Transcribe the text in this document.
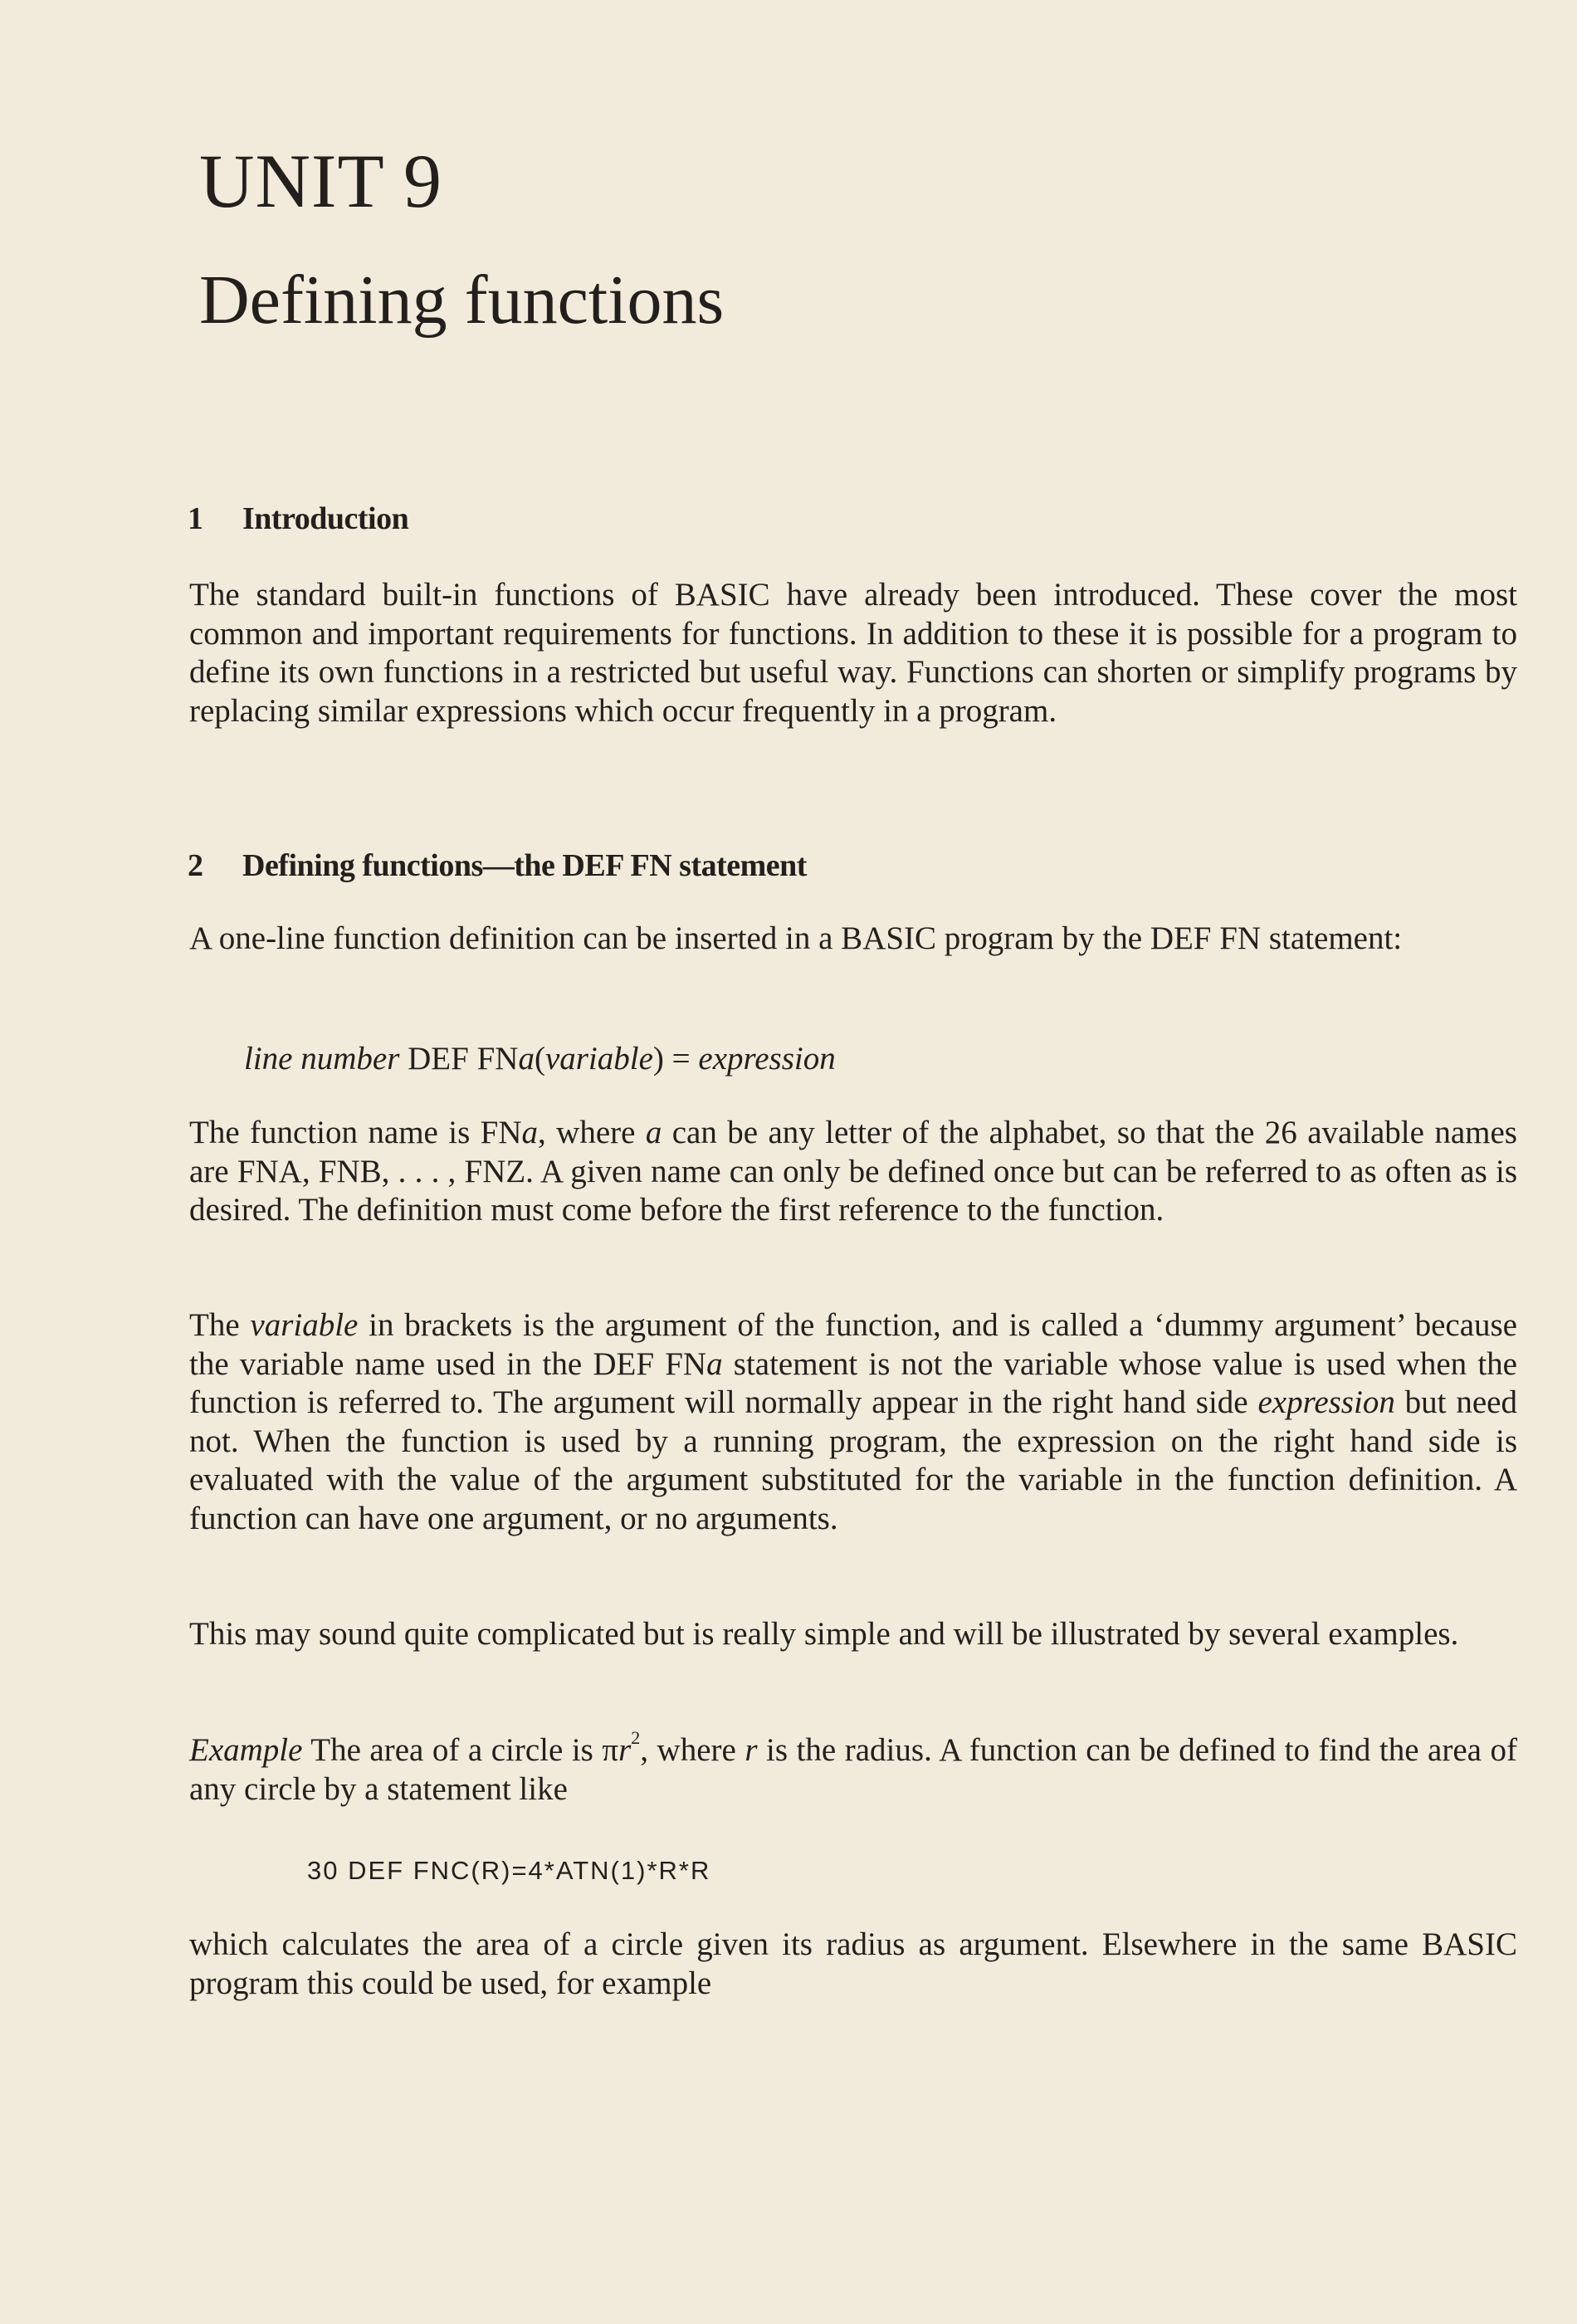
UNIT 9
Defining functions
1 Introduction

The standard built-in functions of BASIC have already been introduced. These cover the most common and important requirements for functions. In addition to these it is possible for a program to define its own functions in a restricted but useful way. Functions can shorten or simplify programs by replacing similar expressions which occur frequently in a program.

2 Defining functions—the DEF FN statement

A one-line function definition can be inserted in a BASIC program by the DEF FN statement:

line number DEF FNa(variable) = expression

The function name is FNa, where a can be any letter of the alphabet, so that the 26 available names are FNA, FNB, . . . , FNZ. A given name can only be defined once but can be referred to as often as is desired. The definition must come before the first reference to the function.

The variable in brackets is the argument of the function, and is called a ‘dummy argument’ because the variable name used in the DEF FNa statement is not the variable whose value is used when the function is referred to. The argument will normally appear in the right hand side expression but need not. When the function is used by a running program, the expression on the right hand side is evaluated with the value of the argument substituted for the variable in the function definition. A function can have one argument, or no arguments.

This may sound quite complicated but is really simple and will be illustrated by several examples.

Example The area of a circle is $\pi r^2$, where r is the radius. A function can be defined to find the area of any circle by a statement like

30 DEF FNC(R)=4*ATN(1)*R*R

which calculates the area of a circle given its radius as argument. Elsewhere in the same BASIC program this could be used, for example
